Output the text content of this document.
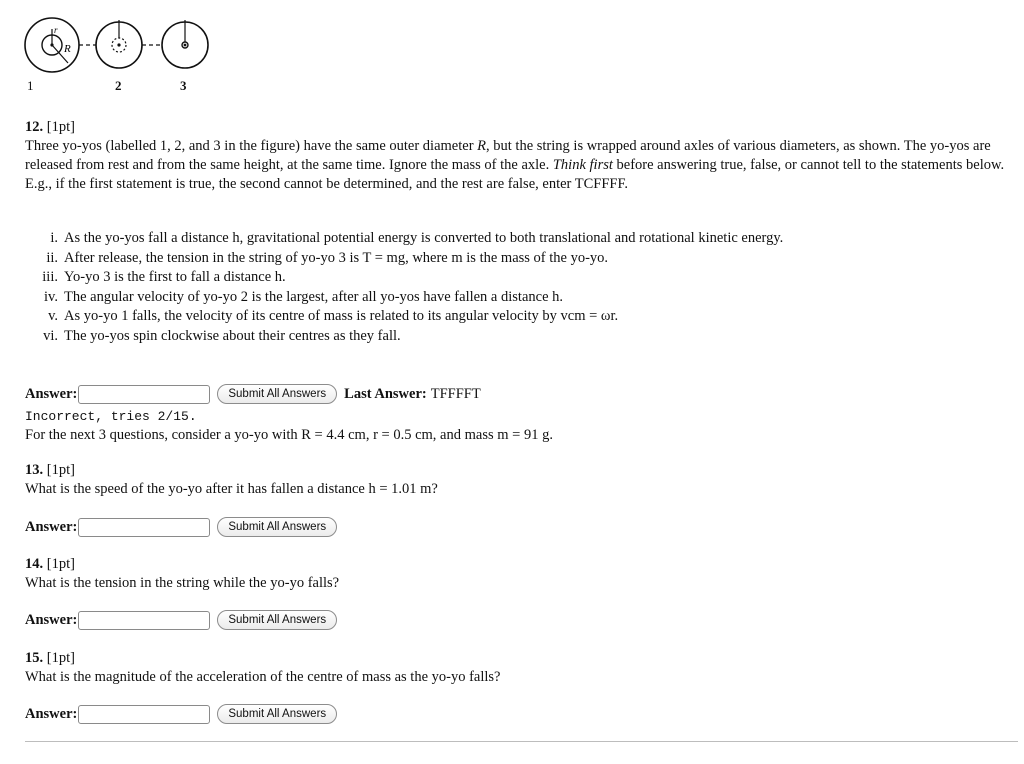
r
R
1	2	3
12. [1pt]

Three yo-yos (labelled 1, 2, and 3 in the figure) have the same outer diameter R, but the string is wrapped around axles of various diameters, as shown. The yo-yos are released from rest and from the same height, at the same time. Ignore the mass of the axle. Think first before answering true, false, or cannot tell to the statements below. E.g., if the first statement is true, the second cannot be determined, and the rest are false, enter TCFFFF.

i. As the yo-yos fall a distance h, gravitational potential energy is converted to both translational and rotational kinetic energy.
ii. After release, the tension in the string of yo-yo 3 is T = mg, where m is the mass of the yo-yo.
iii. Yo-yo 3 is the first to fall a distance h.
iv. The angular velocity of yo-yo 2 is the largest, after all yo-yos have fallen a distance h.
v. As yo-yo 1 falls, the velocity of its centre of mass is related to its angular velocity by vcm = ωr.
vi. The yo-yos spin clockwise about their centres as they fall.
Answer:	Submit All Answers	Last Answer: TFFFFT
Incorrect, tries 2/15.
For the next 3 questions, consider a yo-yo with R = 4.4 cm, r = 0.5 cm, and mass m = 91 g.
13. [1pt]
What is the speed of the yo-yo after it has fallen a distance h = 1.01 m?
Answer:	Submit All Answers
14. [1pt]
What is the tension in the string while the yo-yo falls?
Answer:	Submit All Answers
15. [1pt]
What is the magnitude of the acceleration of the centre of mass as the yo-yo falls?
Answer:	Submit All Answers
